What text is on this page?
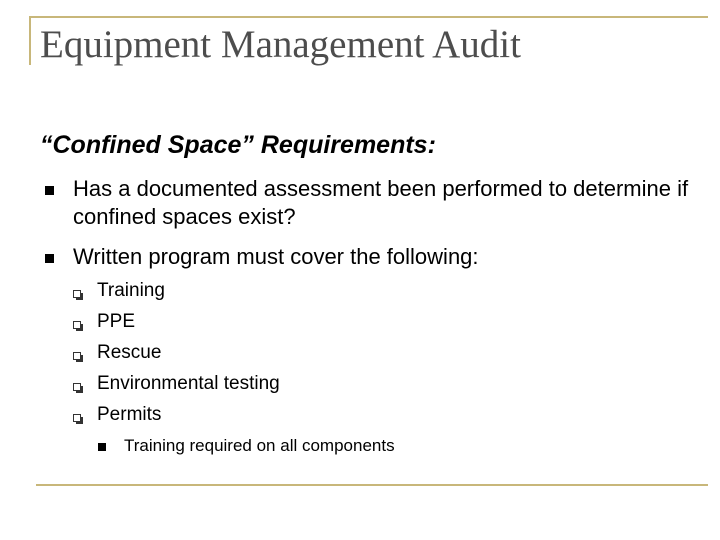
Equipment Management Audit
“Confined Space” Requirements:
Has a documented assessment been performed to determine if confined spaces exist?
Written program must cover the following:
Training
PPE
Rescue
Environmental testing
Permits
Training required on all components
